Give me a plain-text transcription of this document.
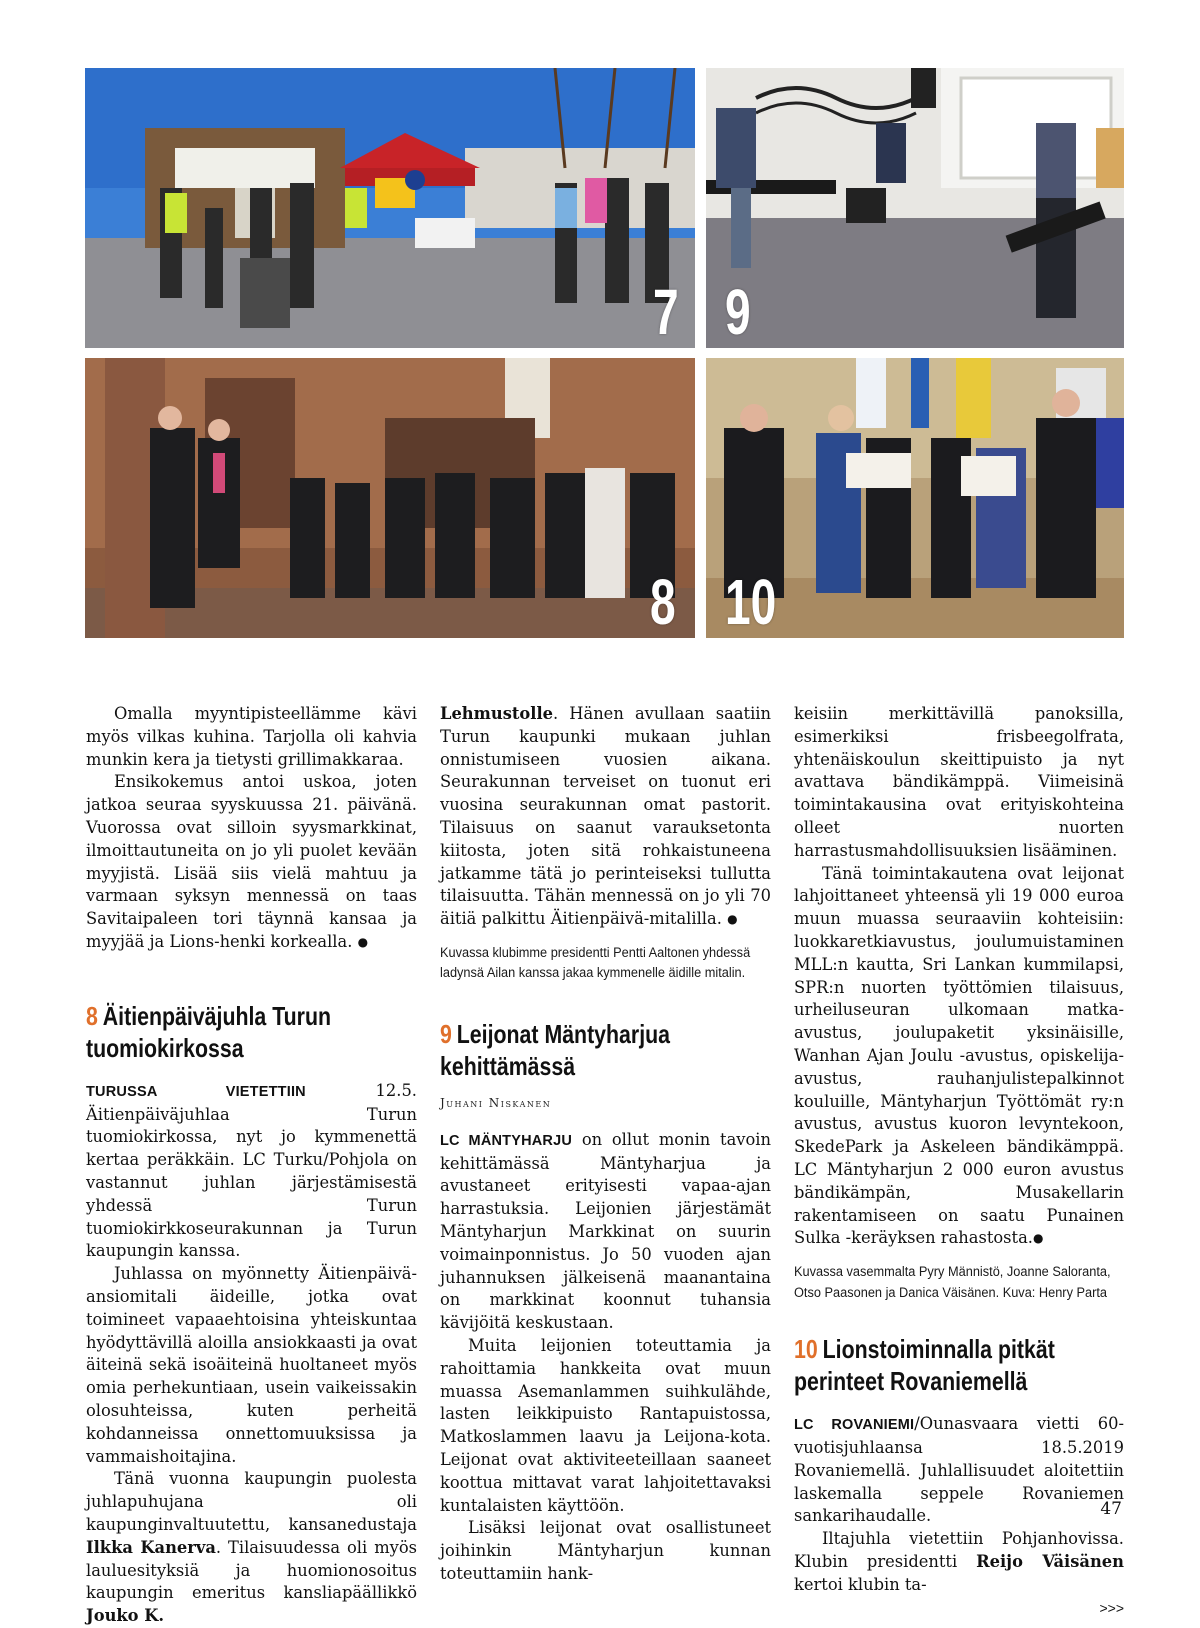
7 9
8 10

Omalla myyntipisteellämme kävi myös vilkas kuhina. Tarjolla oli kahvia munkin kera ja tietysti grillimakkaraa.

Ensikokemus antoi uskoa, joten jatkoa seuraa syyskuussa 21. päivänä. Vuorossa ovat silloin syysmarkkinat, ilmoittautuneita on jo yli puolet kevään myyjistä. Lisää siis vielä mahtuu ja varmaan syksyn mennessä on taas Savitaipaleen tori täynnä kansaa ja myyjää ja Lions-henki korkealla. ●

8 Äitienpäiväjuhla Turun tuomiokirkossa

TURUSSA VIETETTIIN	12.5. Äitienpäiväjuhlaa Turun tuomiokirkossa, nyt jo kymmenettä kertaa peräkkäin. LC Turku/Pohjola on vastannut juhlan järjestämisestä yhdessä Turun tuomiokirkkoseurakunnan ja Turun kaupungin kanssa.

Juhlassa on myönnetty Äitienpäivä-ansiomitali äideille, jotka ovat toimineet vapaaehtoisina yhteiskuntaa hyödyttävillä aloilla ansiokkaasti ja ovat äiteinä sekä isoäiteinä huoltaneet myös omia perhekuntiaan, usein vaikeissakin olosuhteissa, kuten perheitä kohdanneissa onnettomuuksissa ja vammaishoitajina.

Tänä vuonna kaupungin puolesta juhlapuhujana oli kaupunginvaltuutettu, kansanedustaja Ilkka Kanerva. Tilaisuudessa oli myös lauluesityksiä ja huomionosoitus kaupungin emeritus kansliapäällikkö Jouko K.

Lehmustolle. Hänen avullaan saatiin Turun kaupunki mukaan juhlan onnistumiseen vuosien aikana. Seurakunnan terveiset on tuonut eri vuosina seurakunnan omat pastorit. Tilaisuus on saanut varauksetonta kiitosta, joten sitä rohkaistuneena jatkamme tätä jo perinteiseksi tullutta tilaisuutta. Tähän mennessä on jo yli 70 äitiä palkittu Äitienpäivä-mitalilla. ●

Kuvassa klubimme presidentti Pentti Aaltonen yhdessä ladynsä Ailan kanssa jakaa kymmenelle äidille mitalin.
9 Leijonat Mäntyharjua kehittämässä
Juhani Niskanen

LC MÄNTYHARJU on ollut monin tavoin kehittämässä Mäntyharjua ja avustaneet erityisesti vapaa-ajan harrastuksia. Leijonien järjestämät Mäntyharjun Markkinat on suurin voimainponnistus. Jo 50 vuoden ajan juhannuksen jälkeisenä maanantaina on markkinat koonnut tuhansia kävijöitä keskustaan.

Muita leijonien toteuttamia ja rahoittamia hankkeita ovat muun muassa Asemanlammen suihkulähde, lasten leikkipuisto Rantapuistossa, Matkoslammen laavu ja Leijona-kota. Leijonat ovat aktiviteeteillaan saaneet koottua mittavat varat lahjoitettavaksi kuntalaisten käyttöön.

Lisäksi leijonat ovat osallistuneet joihinkin Mäntyharjun kunnan toteuttamiin hank-

keisiin merkittävillä panoksilla, esimerkiksi frisbeegolfrata, yhtenäiskoulun skeittipuisto ja nyt avattava bändikämppä. Viimeisinä toimintakausina ovat erityiskohteina olleet nuorten harrastusmahdollisuuksien lisääminen.

Tänä toimintakautena ovat leijonat lahjoittaneet yhteensä yli 19 000 euroa muun muassa seuraaviin kohteisiin: luokkaretkiavustus, joulumuistaminen MLL:n kautta, Sri Lankan kummilapsi, SPR:n nuorten työttömien tilaisuus, urheiluseuran ulkomaan matka-avustus, joulupaketit yksinäisille, Wanhan Ajan Joulu -avustus, opiskelija-avustus, rauhanjulistepalkinnot kouluille, Mäntyharjun Työttömät ry:n avustus, avustus kuoron levyntekoon, SkedePark ja Askeleen bändikämppä. LC Mäntyharjun 2 000 euron avustus bändikämpän, Musakellarin rakentamiseen on saatu Punainen Sulka -keräyksen rahastosta.●

Kuvassa vasemmalta Pyry Männistö, Joanne Saloranta, Otso Paasonen ja Danica Väisänen. Kuva: Henry Parta
10 Lionstoiminnalla pitkät perinteet Rovaniemellä

LC ROVANIEMI/Ounasvaara vietti 60-vuotisjuhlaansa 18.5.2019 Rovaniemellä. Juhlallisuudet aloitettiin laskemalla seppele Rovaniemen sankarihaudalle.

Iltajuhla vietettiin Pohjanhovissa. Klubin presidentti Reijo Väisänen kertoi klubin ta-

>>>
47
